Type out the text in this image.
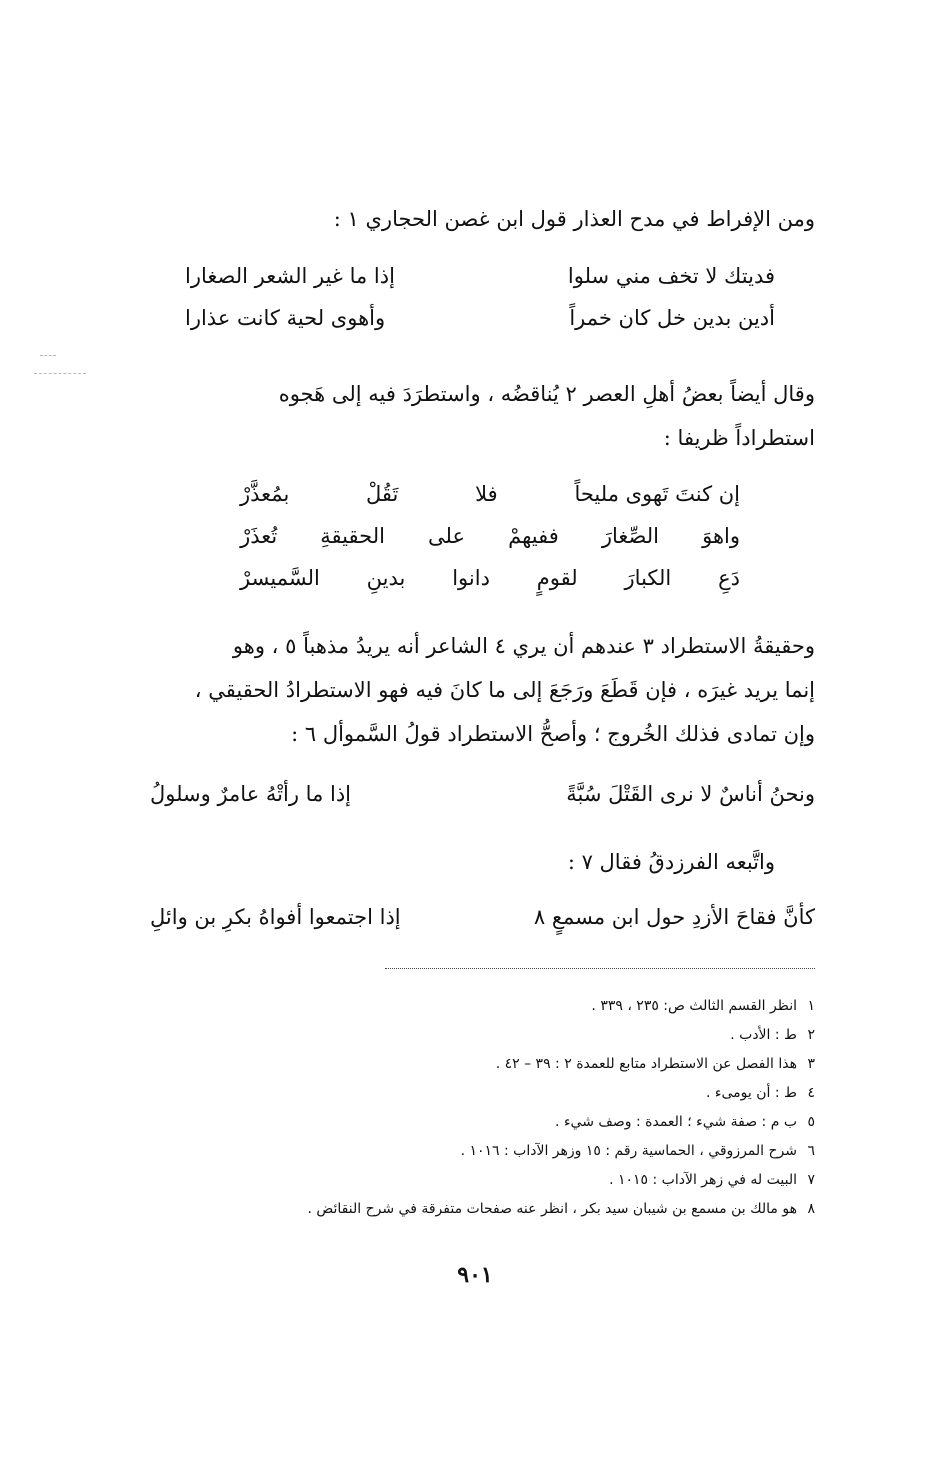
ومن الإفراط في مدح العذار قول ابن غصن الحجاري ١ :
فديتك لا تخف مني سلوا
إذا ما غير الشعر الصغارا
أدين بدين خل كان خمراً
وأهوى لحية كانت عذارا
وقال أيضاً بعضُ أهلِ العصر ٢ يُناقضُه ، واستطرَدَ فيه إلى هَجوه
استطراداً ظريفا :
إن كنتَ تَهوى مليحاً
فلا
تَقُلْ
بمُعذَّرْ
واهوَ
الصِّغارَ
ففيهمْ
على
الحقيقةِ
تُعذَرْ
دَعِ
الكبارَ
لقومٍ
دانوا
بدينِ
السَّميسرْ
وحقيقةُ الاستطراد ٣ عندهم أن يري ٤ الشاعر أنه يريدُ مذهباً ٥ ، وهو
إنما يريد غيرَه ، فإن قَطَعَ ورَجَعَ إلى ما كانَ فيه فهو الاستطرادُ الحقيقي ،
وإن تمادى فذلك الخُروج ؛ وأصحُّ الاستطراد قولُ السَّموأل ٦ :
ونحنُ أناسٌ لا نرى القَتْلَ سُبَّةً
إذا ما رأتْهُ عامرٌ وسلولُ
واتَّبعه الفرزدقُ فقال ٧ :
كأنَّ فقاحَ الأزدِ حول ابن مسمعٍ ٨
إذا اجتمعوا أفواهُ بكرِ بن وائلِ
١انظر القسم الثالث ص: ٢٣٥ ، ٣٣٩ .
٢ط : الأدب .
٣هذا الفصل عن الاستطراد متابع للعمدة ٢ : ٣٩ – ٤٢ .
٤ط : أن يومىء .
٥ب م : صفة شيء ؛ العمدة : وصف شيء .
٦شرح المرزوقي ، الحماسية رقم : ١٥ وزهر الآداب : ١٠١٦ .
٧البيت له في زهر الآداب : ١٠١٥ .
٨هو مالك بن مسمع بن شيبان سيد بكر ، انظر عنه صفحات متفرقة في شرح النقائض .
٩٠١
